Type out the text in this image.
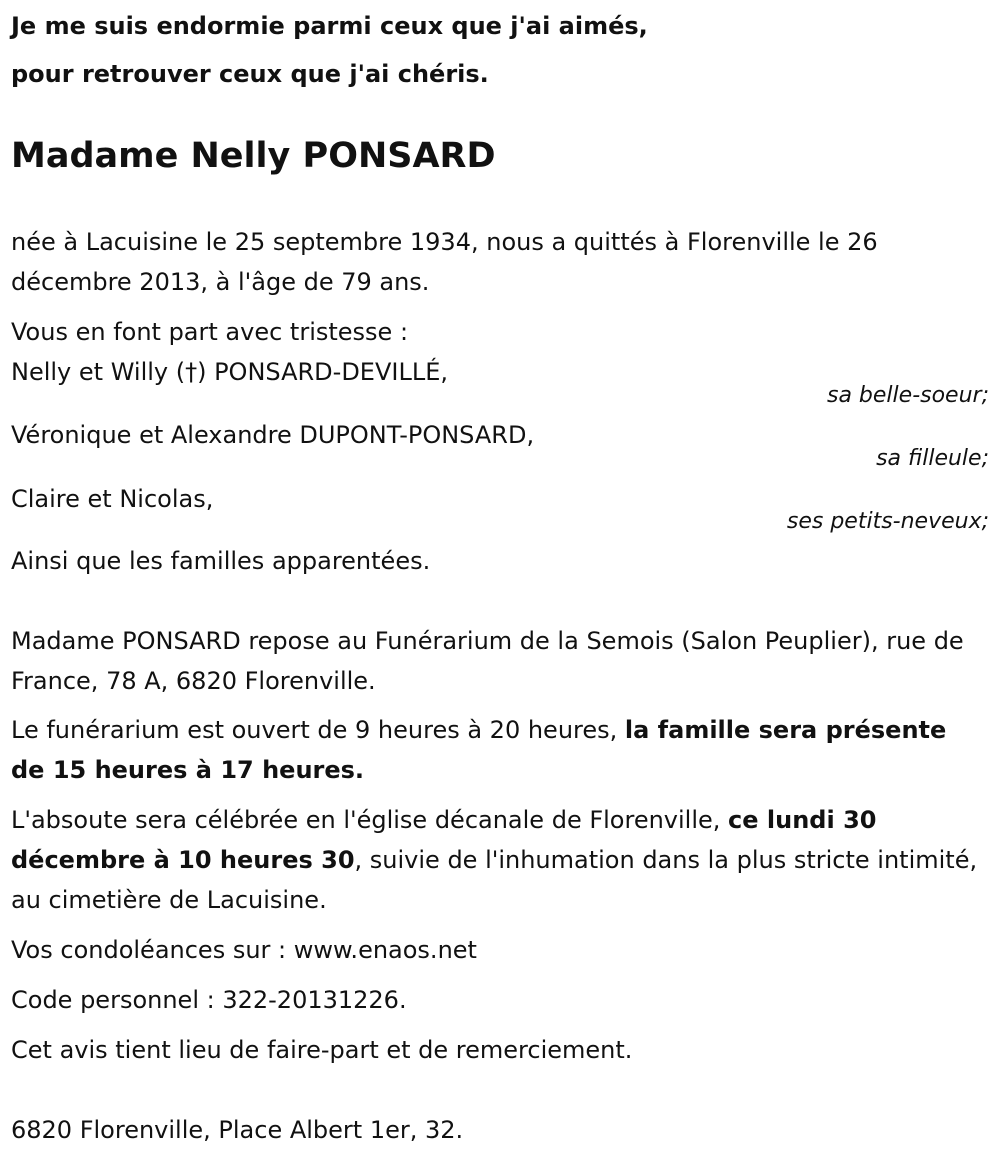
Je me suis endormie parmi ceux que j'ai aimés,

pour retrouver ceux que j'ai chéris.

Madame Nelly PONSARD

née à Lacuisine le 25 septembre 1934, nous a quittés à Florenville le 26 décembre 2013, à l'âge de 79 ans.

Vous en font part avec tristesse :

Nelly et Willy (†) PONSARD-DEVILLÉ,

sa belle-soeur;

Véronique et Alexandre DUPONT-PONSARD,

sa filleule;

Claire et Nicolas,

ses petits-neveux;

Ainsi que les familles apparentées.

Madame PONSARD repose au Funérarium de la Semois (Salon Peuplier), rue de France, 78 A, 6820 Florenville.

Le funérarium est ouvert de 9 heures à 20 heures, la famille sera présente de 15 heures à 17 heures.

L'absoute sera célébrée en l'église décanale de Florenville, ce lundi 30 décembre à 10 heures 30, suivie de l'inhumation dans la plus stricte intimité, au cimetière de Lacuisine.

Vos condoléances sur : www.enaos.net

Code personnel : 322-20131226.

Cet avis tient lieu de faire-part et de remerciement.

6820 Florenville, Place Albert 1er, 32.
